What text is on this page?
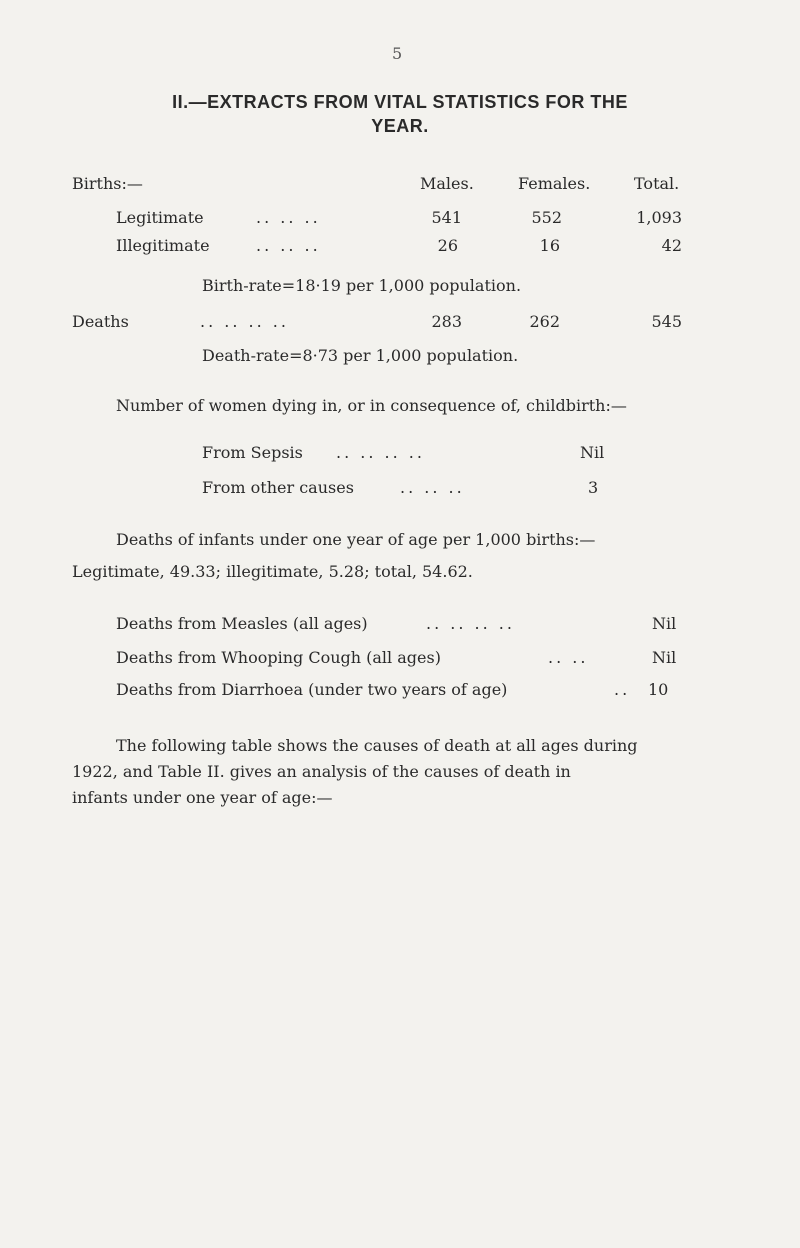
5
II.—EXTRACTS FROM VITAL STATISTICS FOR THE
YEAR.
Births:—	Males.	Females.	Total.
Legitimate	.. .. ..	541	552	1,093
Illegitimate	.. .. ..	26	16	42
Birth-rate=18·19 per 1,000 population.
Deaths	.. .. .. ..	283	262	545
Death-rate=8·73 per 1,000 population.
Number of women dying in, or in consequence of, childbirth:—
From Sepsis .. .. .. ..	Nil
From other causes	.. .. ..	3
Deaths of infants under one year of age per 1,000 births:—
Legitimate, 49.33; illegitimate, 5.28; total, 54.62.
Deaths from Measles (all ages)	.. .. .. ..	Nil
Deaths from Whooping Cough (all ages)	.. ..	Nil
Deaths from Diarrhoea (under two years of age)	.. 10
The following table shows the causes of death at all ages during
1922, and Table II. gives an analysis of the causes of death in
infants under one year of age:—
